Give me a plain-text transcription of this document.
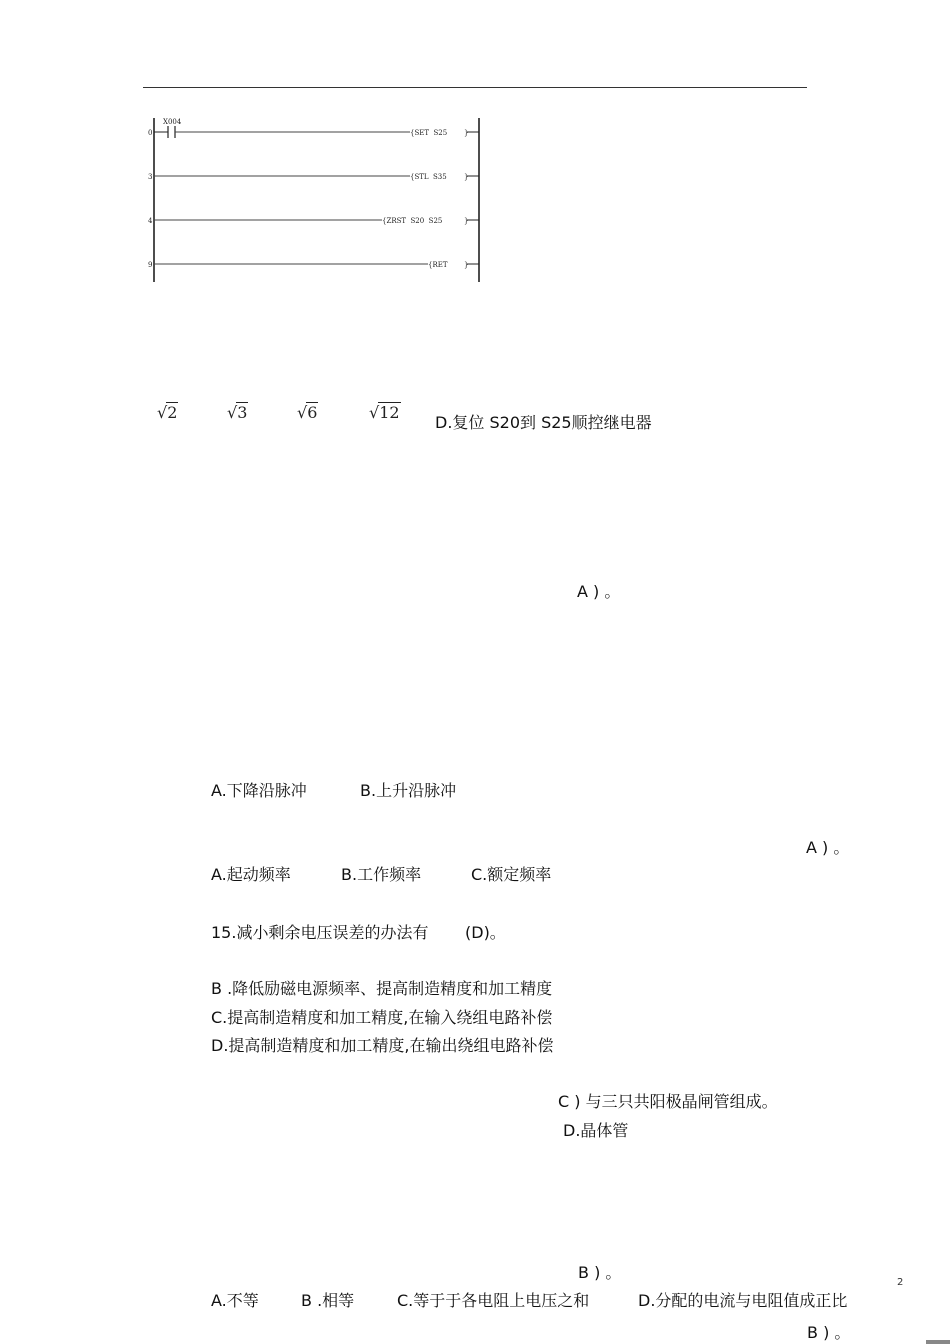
X004
0
3
4
9
{SET  S25
{STL  S35
{ZRST  S20  S25
{RET
}
}
}
}
√2	√3	√6	√12
D.复位 S20到 S25顺控继电器
A ) 。
A.下降沿脉冲	B.上升沿脉冲
A ) 。
A.起动频率	B.工作频率	C.额定频率
15.减小剩余电压误差的办法有 (D)。
B .降低励磁电源频率、提高制造精度和加工精度
C.提高制造精度和加工精度,在输入绕组电路补偿
D.提高制造精度和加工精度,在输出绕组电路补偿
C ) 与三只共阳极晶闸管组成。
D.晶体管
B ) 。
A.不等	B .相等	C.等于于各电阻上电压之和	D.分配的电流与电阻值成正比
B ) 。
2
